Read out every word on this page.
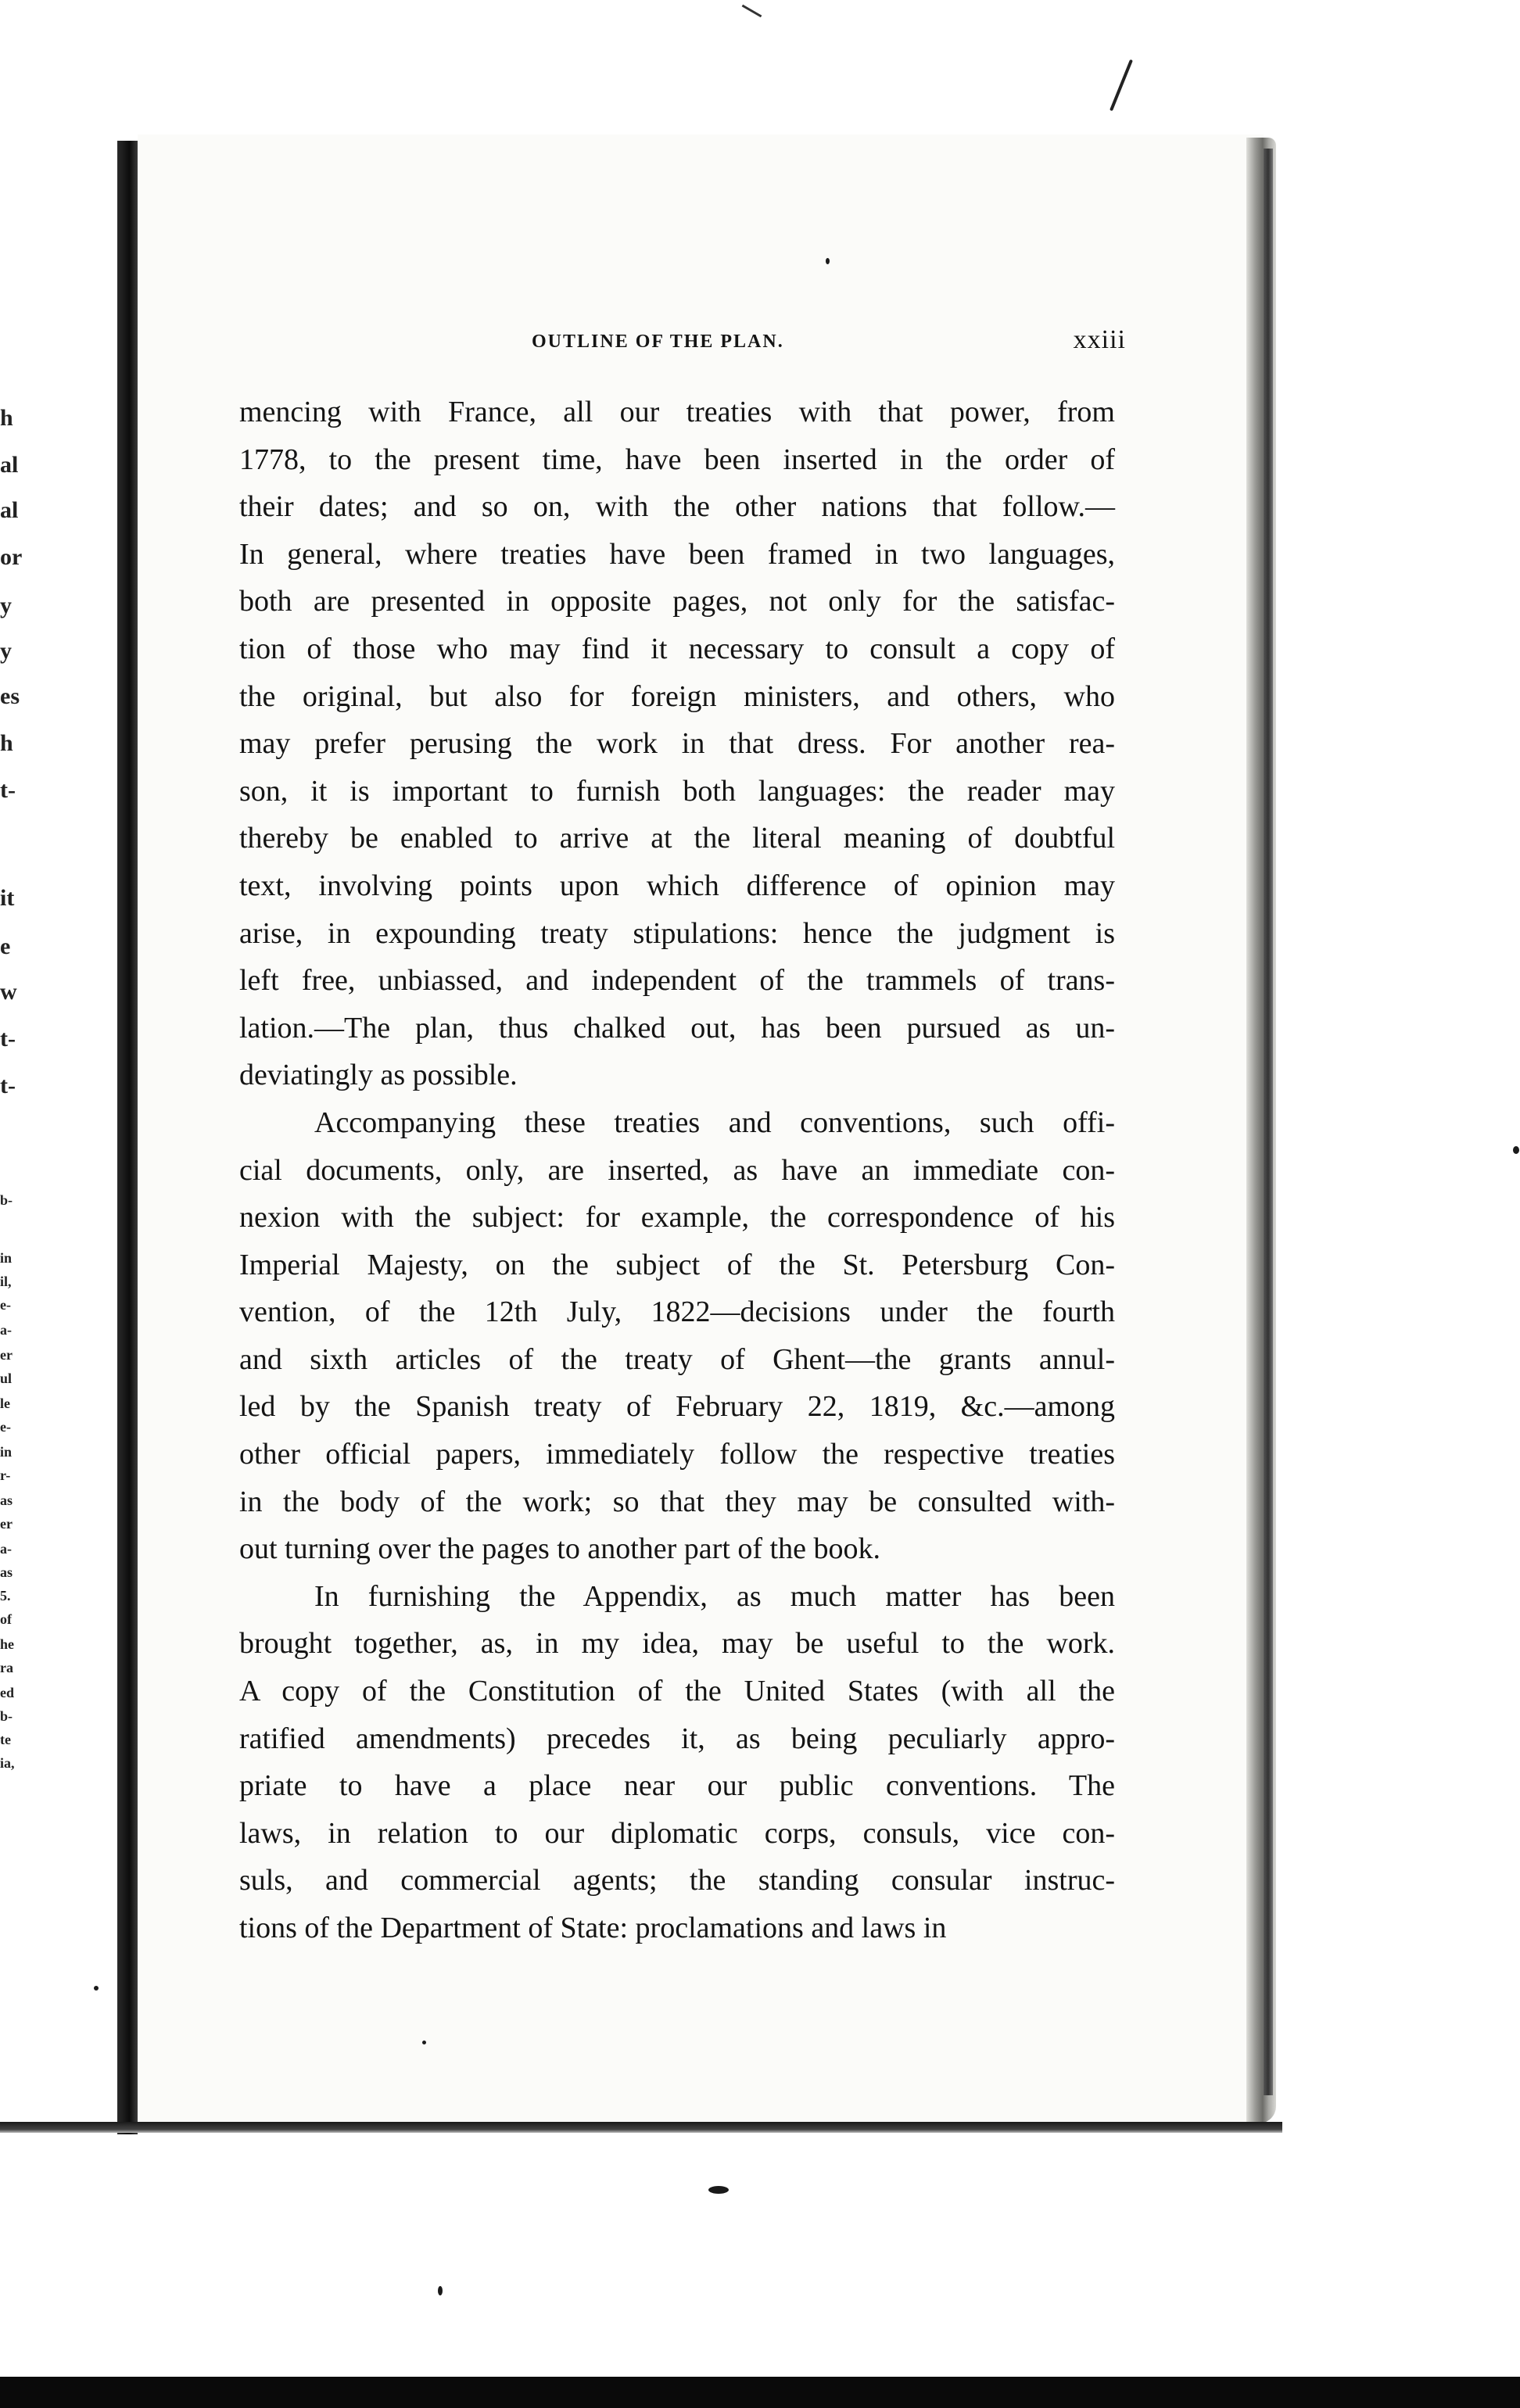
h
al
al
or
y
y
es
h
t-
it
e
w
t-
t-
b-
in
il,
e-
a-
er
ul
le
e-
in
r-
as
er
a-
as
5.
of
he
ra
ed
b-
te
ia,
OUTLINE OF THE PLAN.	xxiii
mencing with France, all our treaties with that power, from
1778, to the present time, have been inserted in the order of
their dates; and so on, with the other nations that follow.—
In general, where treaties have been framed in two languages,
both are presented in opposite pages, not only for the satisfac-
tion of those who may find it necessary to consult a copy of
the original, but also for foreign ministers, and others, who
may prefer perusing the work in that dress. For another rea-
son, it is important to furnish both languages: the reader may
thereby be enabled to arrive at the literal meaning of doubtful
text, involving points upon which difference of opinion may
arise, in expounding treaty stipulations: hence the judgment is
left free, unbiassed, and independent of the trammels of trans-
lation.—The plan, thus chalked out, has been pursued as un-
deviatingly as possible.
Accompanying these treaties and conventions, such offi-
cial documents, only, are inserted, as have an immediate con-
nexion with the subject: for example, the correspondence of his
Imperial Majesty, on the subject of the St. Petersburg Con-
vention, of the 12th July, 1822—decisions under the fourth
and sixth articles of the treaty of Ghent—the grants annul-
led by the Spanish treaty of February 22, 1819, &c.—among
other official papers, immediately follow the respective treaties
in the body of the work; so that they may be consulted with-
out turning over the pages to another part of the book.
In furnishing the Appendix, as much matter has been
brought together, as, in my idea, may be useful to the work.
A copy of the Constitution of the United States (with all the
ratified amendments) precedes it, as being peculiarly appro-
priate to have a place near our public conventions. The
laws, in relation to our diplomatic corps, consuls, vice con-
suls, and commercial agents; the standing consular instruc-
tions of the Department of State: proclamations and laws in
